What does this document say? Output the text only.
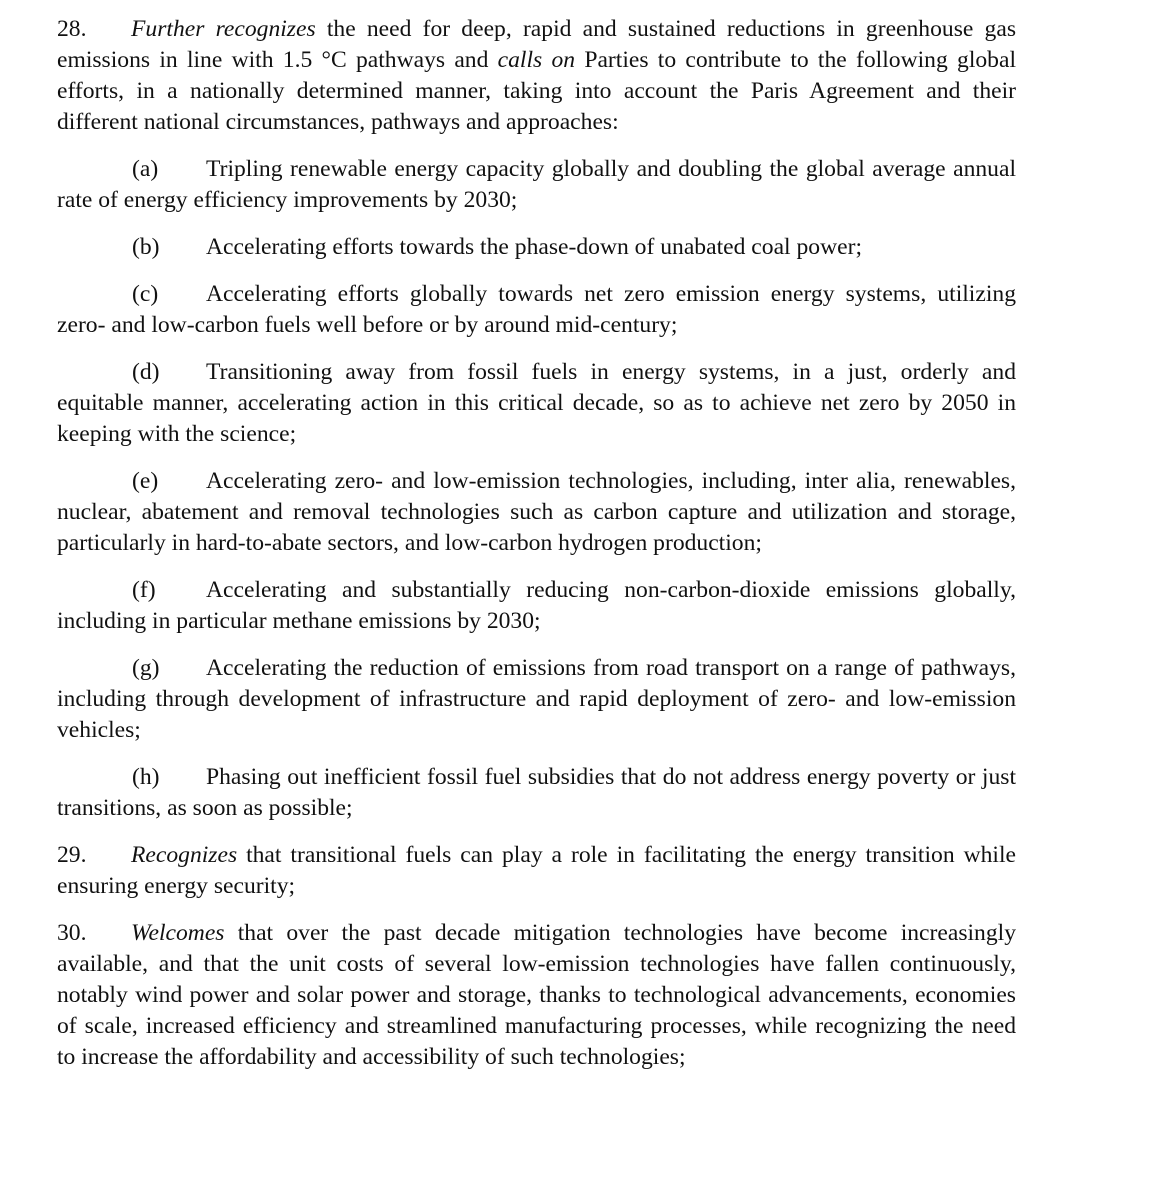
28. Further recognizes the need for deep, rapid and sustained reductions in greenhouse gas emissions in line with 1.5 °C pathways and calls on Parties to contribute to the following global efforts, in a nationally determined manner, taking into account the Paris Agreement and their different national circumstances, pathways and approaches:

(a) Tripling renewable energy capacity globally and doubling the global average annual rate of energy efficiency improvements by 2030;

(b) Accelerating efforts towards the phase-down of unabated coal power;

(c) Accelerating efforts globally towards net zero emission energy systems, utilizing zero- and low-carbon fuels well before or by around mid-century;

(d) Transitioning away from fossil fuels in energy systems, in a just, orderly and equitable manner, accelerating action in this critical decade, so as to achieve net zero by 2050 in keeping with the science;

(e) Accelerating zero- and low-emission technologies, including, inter alia, renewables, nuclear, abatement and removal technologies such as carbon capture and utilization and storage, particularly in hard-to-abate sectors, and low-carbon hydrogen production;

(f) Accelerating and substantially reducing non-carbon-dioxide emissions globally, including in particular methane emissions by 2030;

(g) Accelerating the reduction of emissions from road transport on a range of pathways, including through development of infrastructure and rapid deployment of zero- and low-emission vehicles;

(h) Phasing out inefficient fossil fuel subsidies that do not address energy poverty or just transitions, as soon as possible;

29. Recognizes that transitional fuels can play a role in facilitating the energy transition while ensuring energy security;

30. Welcomes that over the past decade mitigation technologies have become increasingly available, and that the unit costs of several low-emission technologies have fallen continuously, notably wind power and solar power and storage, thanks to technological advancements, economies of scale, increased efficiency and streamlined manufacturing processes, while recognizing the need to increase the affordability and accessibility of such technologies;
